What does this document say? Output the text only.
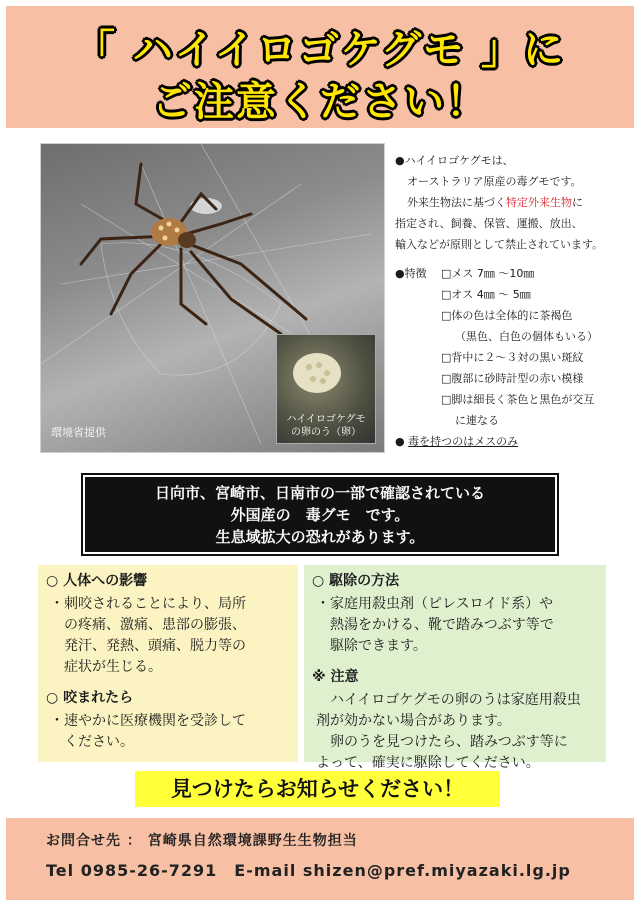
「 ハイイロゴケグモ 」に
ご注意ください！
ハイイロゴケグモ
の卵のう（卵）
環境省提供
●ハイイロゴケグモは、
オーストラリア原産の毒グモです。
外来生物法に基づく特定外来生物に
指定され、飼養、保管、運搬、放出、
輸入などが原則として禁止されています。
●特徴 □メス 7㎜ ～10㎜
□オス 4㎜ ～ 5㎜
□体の色は全体的に茶褐色
（黒色、白色の個体もいる）
□背中に２～３対の黒い斑紋
□腹部に砂時計型の赤い模様
□脚は細長く茶色と黒色が交互
に連なる
● 毒を持つのはメスのみ
日向市、宮崎市、日南市の一部で確認されている
外国産の　毒グモ　です。
生息域拡大の恐れがあります。
○ 人体への影響
・刺咬されることにより、局所
の疼痛、激痛、患部の膨張、
発汗、発熱、頭痛、脱力等の
症状が生じる。
○ 咬まれたら
・速やかに医療機関を受診して
ください。
○ 駆除の方法
・家庭用殺虫剤（ピレスロイド系）や
熱湯をかける、靴で踏みつぶす等で
駆除できます。
※ 注意
ハイイロゴケグモの卵のうは家庭用殺虫
剤が効かない場合があります。
卵のうを見つけたら、踏みつぶす等に
よって、確実に駆除してください。
見つけたらお知らせください！
お問合せ先 ： 宮崎県自然環境課野生生物担当
Tel 0985-26-7291　E-mail shizen@pref.miyazaki.lg.jp
